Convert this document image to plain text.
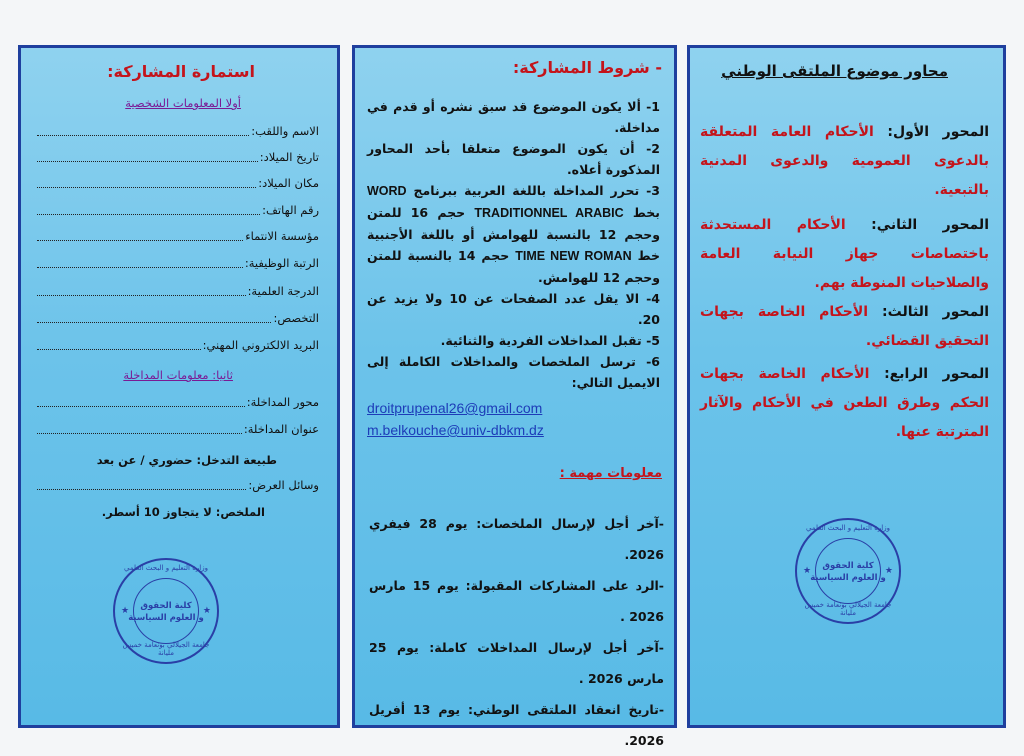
استمارة المشاركة:
أولا المعلومات الشخصية
الاسم واللقب:
تاريخ الميلاد:
مكان الميلاد:
رقم الهاتف:
مؤسسة الانتماء
الرتبة الوظيفية:
الدرجة العلمية:
التخصص:
البريد الالكتروني المهني:
ثانيا: معلومات المداخلة
محور المداخلة:
عنوان المداخلة:
طبيعة التدخل: حضوري / عن بعد
وسائل العرض:
الملخص: لا يتجاوز 10 أسطر.
وزارة التعليم و البحث العلمي
كلية الحقوق
و العلوم السياسية
جامعة الجيلالي بونعامة خميس مليانة
★	★
- شروط المشاركة:
1- ألا يكون الموضوع قد سبق نشره أو قدم في مداخلة.
2- أن يكون الموضوع متعلقا بأحد المحاور المذكورة أعلاه.
3- تحرر المداخلة باللغة العربية ببرنامج WORD بخط TRADITIONNEL ARABIC حجم 16 للمتن وحجم 12 بالنسبة للهوامش أو باللغة الأجنبية خط TIME NEW ROMAN حجم 14 بالنسبة للمتن وحجم 12 للهوامش.
4- الا يقل عدد الصفحات عن 10 ولا يزيد عن 20.
5- تقبل المداخلات الفردية والثنائية.
6- ترسل الملخصات والمداخلات الكاملة إلى الايميل التالي:
droitprupenal26@gmail.com
m.belkouche@univ-dbkm.dz
معلومات مهمة :
-آخر أجل لإرسال الملخصات: يوم 28 فيفري 2026.
-الرد على المشاركات المقبولة: يوم 15 مارس 2026 .
-آخر أجل لإرسال المداخلات كاملة: يوم 25 مارس 2026 .
-تاريخ انعقاد الملتقى الوطني: يوم 13 أفريل 2026.
محاور موضوع الملتقى الوطني
المحور الأول: الأحكام العامة المتعلقة بالدعوى العمومية والدعوى المدنية بالتبعية.
المحور الثاني: الأحكام المستحدثة باختصاصات جهاز النيابة العامة والصلاحيات المنوطة بهم.
المحور الثالث: الأحكام الخاصة بجهات التحقيق القضائي.
المحور الرابع: الأحكام الخاصة بجهات الحكم وطرق الطعن في الأحكام والآثار المترتبة عنها.
وزارة التعليم و البحث العلمي
كلية الحقوق
و العلوم السياسية
جامعة الجيلالي بونعامة خميس مليانة
★	★
